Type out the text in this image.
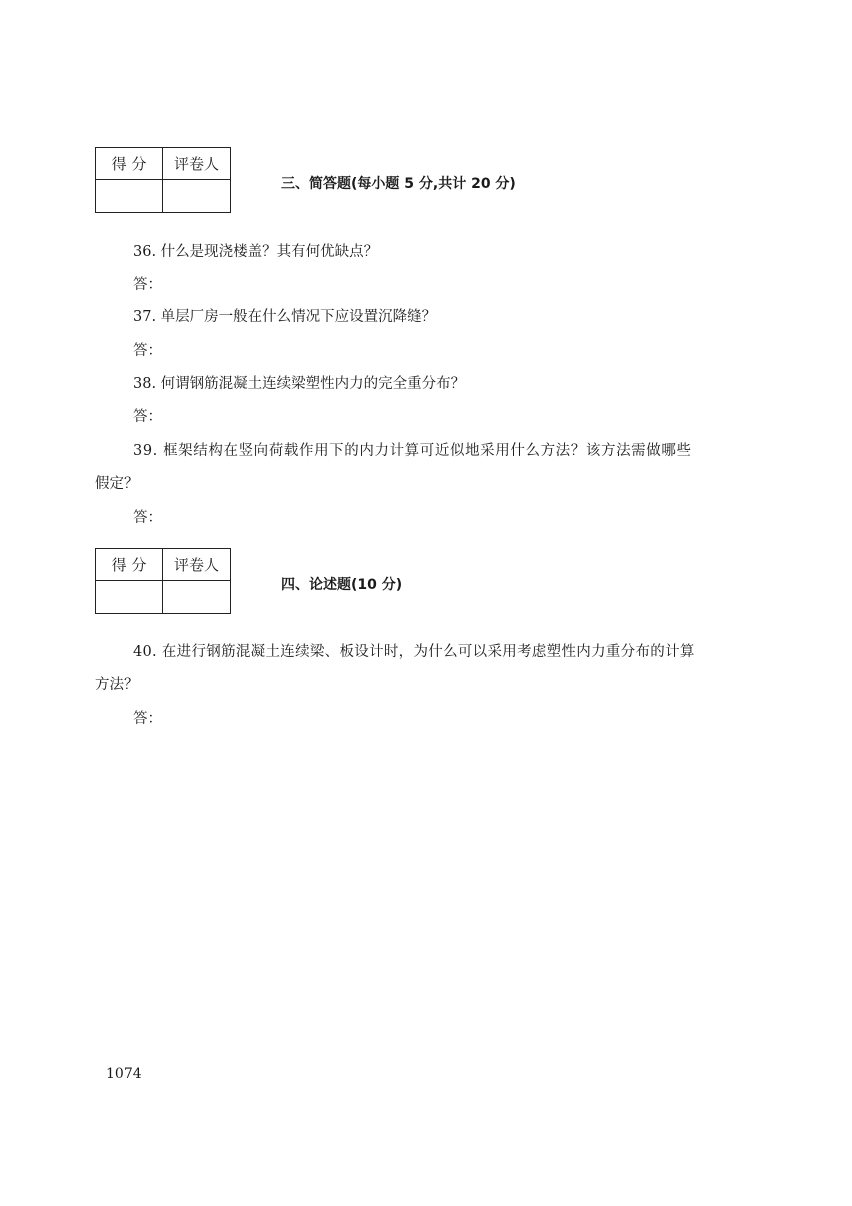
得 分	评卷人

三、简答题(每小题 5 分,共计 20 分)
36. 什么是现浇楼盖？其有何优缺点？
答：
37. 单层厂房一般在什么情况下应设置沉降缝？
答：
38. 何谓钢筋混凝土连续梁塑性内力的完全重分布？
答：
39. 框架结构在竖向荷载作用下的内力计算可近似地采用什么方法？该方法需做哪些
假定？
答：
得 分	评卷人

四、论述题(10 分)
40. 在进行钢筋混凝土连续梁、板设计时，为什么可以采用考虑塑性内力重分布的计算
方法？
答：
1074
